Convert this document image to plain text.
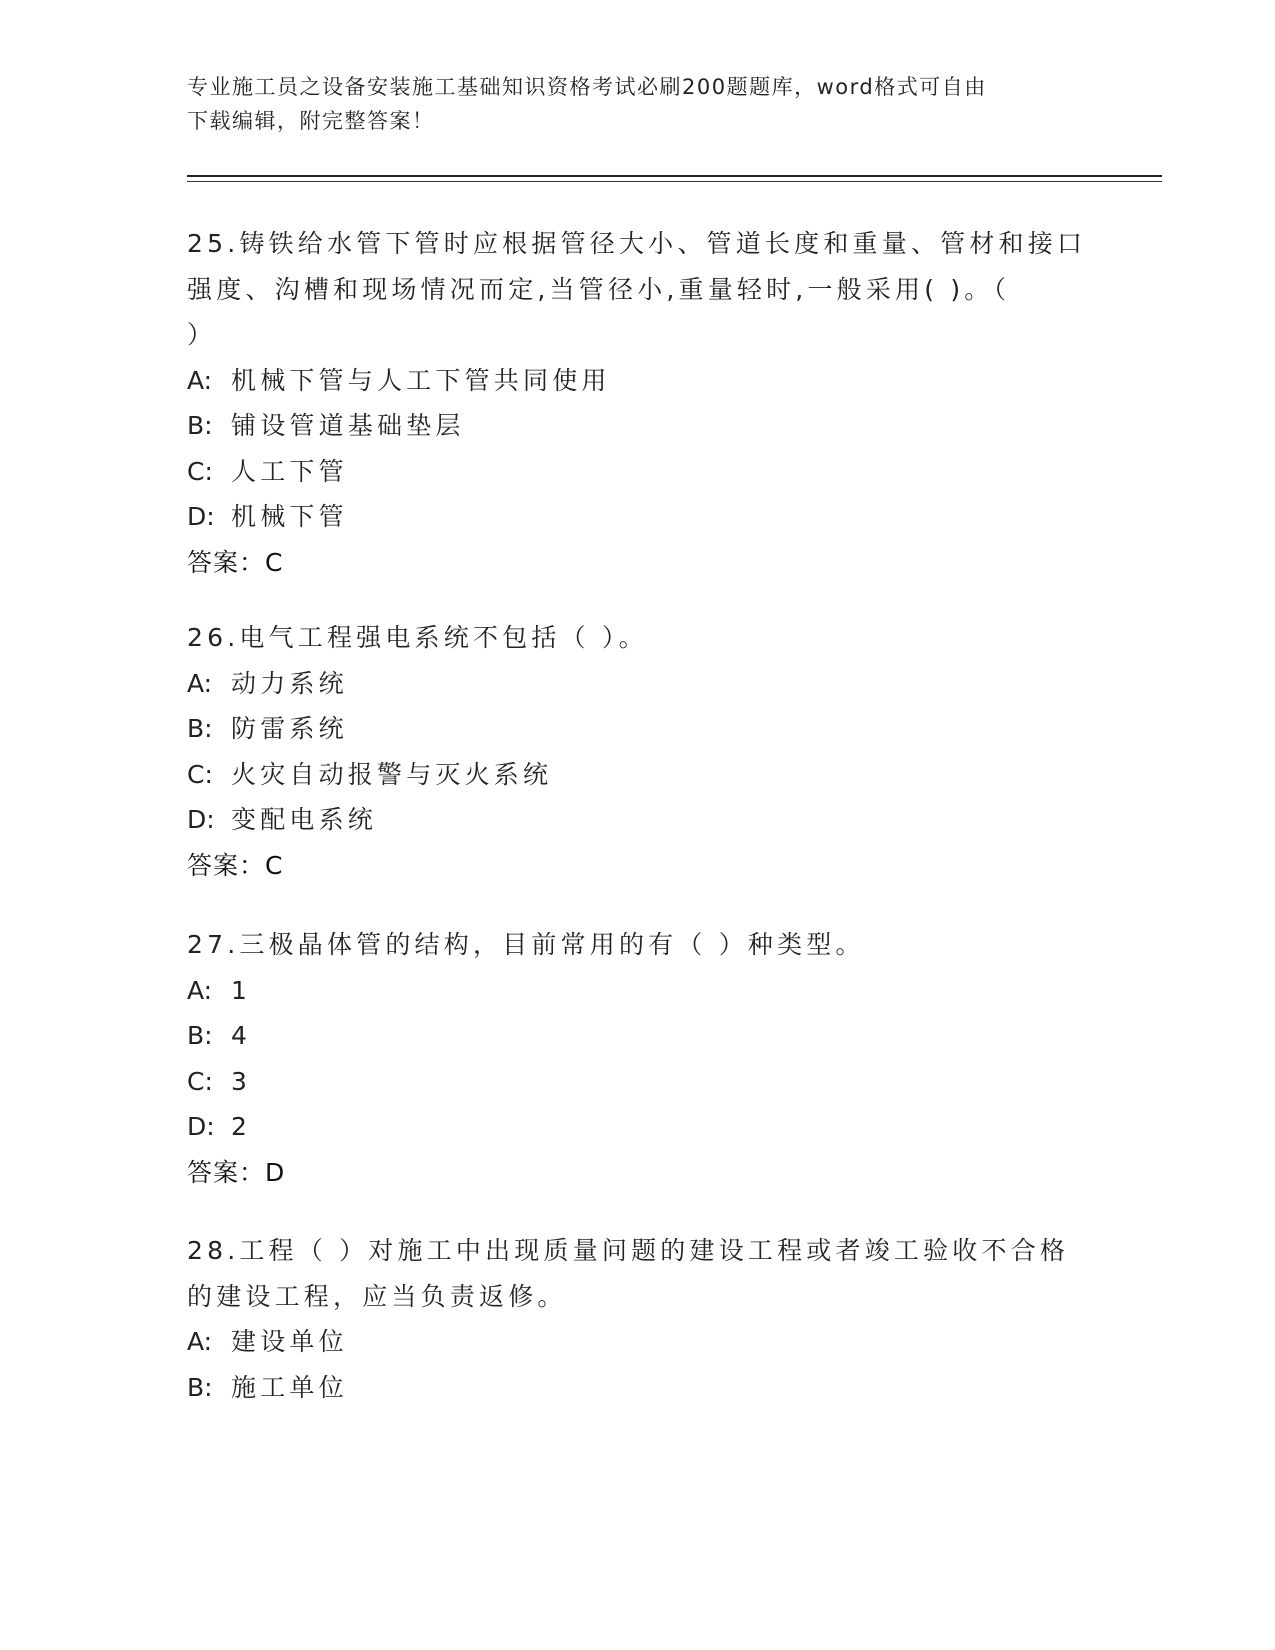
专业施工员之设备安装施工基础知识资格考试必刷200题题库，word格式可自由
下载编辑，附完整答案！
25.铸铁给水管下管时应根据管径大小、管道长度和重量、管材和接口
强度、沟槽和现场情况而定,当管径小,重量轻时,一般采用( )。（
）
A: 机械下管与人工下管共同使用
B: 铺设管道基础垫层
C: 人工下管
D: 机械下管
答案：C
26.电气工程强电系统不包括（ ）。
A: 动力系统
B: 防雷系统
C: 火灾自动报警与灭火系统
D: 变配电系统
答案：C
27.三极晶体管的结构，目前常用的有（ ）种类型。
A: 1
B: 4
C: 3
D: 2
答案：D
28.工程（ ）对施工中出现质量问题的建设工程或者竣工验收不合格
的建设工程，应当负责返修。
A: 建设单位
B: 施工单位
